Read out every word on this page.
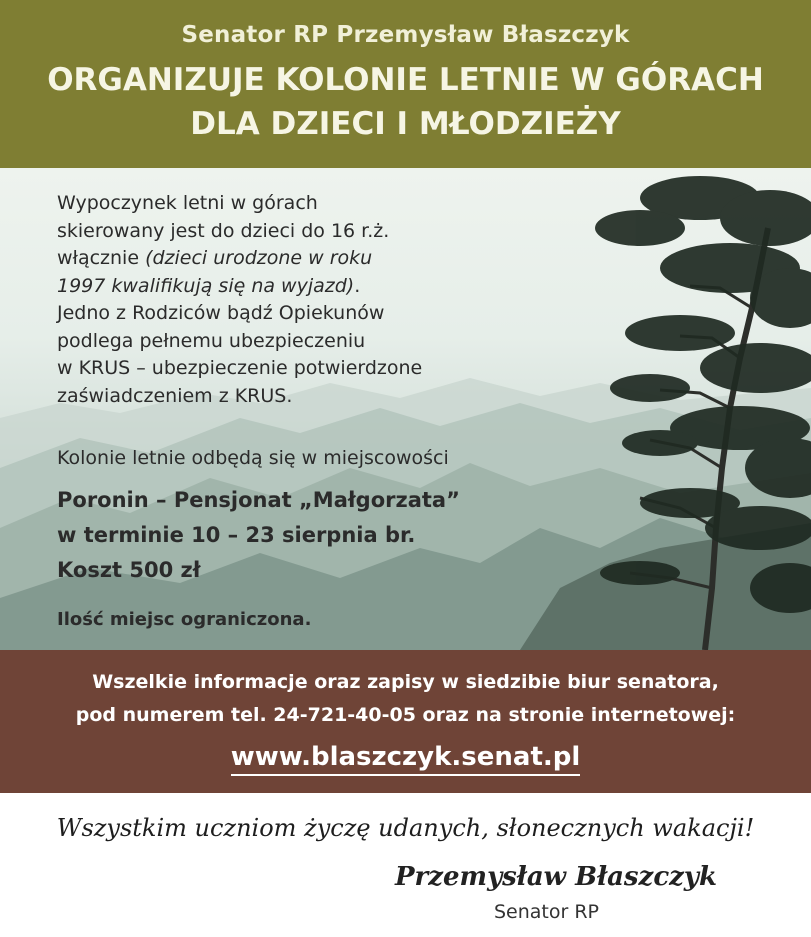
Senator RP Przemysław Błaszczyk
ORGANIZUJE KOLONIE LETNIE W GÓRACH
DLA DZIECI I MŁODZIEŻY
Wypoczynek letni w górach
skierowany jest do dzieci do 16 r.ż.
włącznie (dzieci urodzone w roku
1997 kwalifikują się na wyjazd).
Jedno z Rodziców bądź Opiekunów
podlega pełnemu ubezpieczeniu
w KRUS – ubezpieczenie potwierdzone
zaświadczeniem z KRUS.
Kolonie letnie odbędą się w miejscowości
Poronin – Pensjonat „Małgorzata”
w terminie 10 – 23 sierpnia br.
Koszt 500 zł
Ilość miejsc ograniczona.
Wszelkie informacje oraz zapisy w siedzibie biur senatora,
pod numerem tel. 24-721-40-05 oraz na stronie internetowej:
www.blaszczyk.senat.pl
Wszystkim uczniom życzę udanych, słonecznych wakacji!
Przemysław Błaszczyk
Senator RP
